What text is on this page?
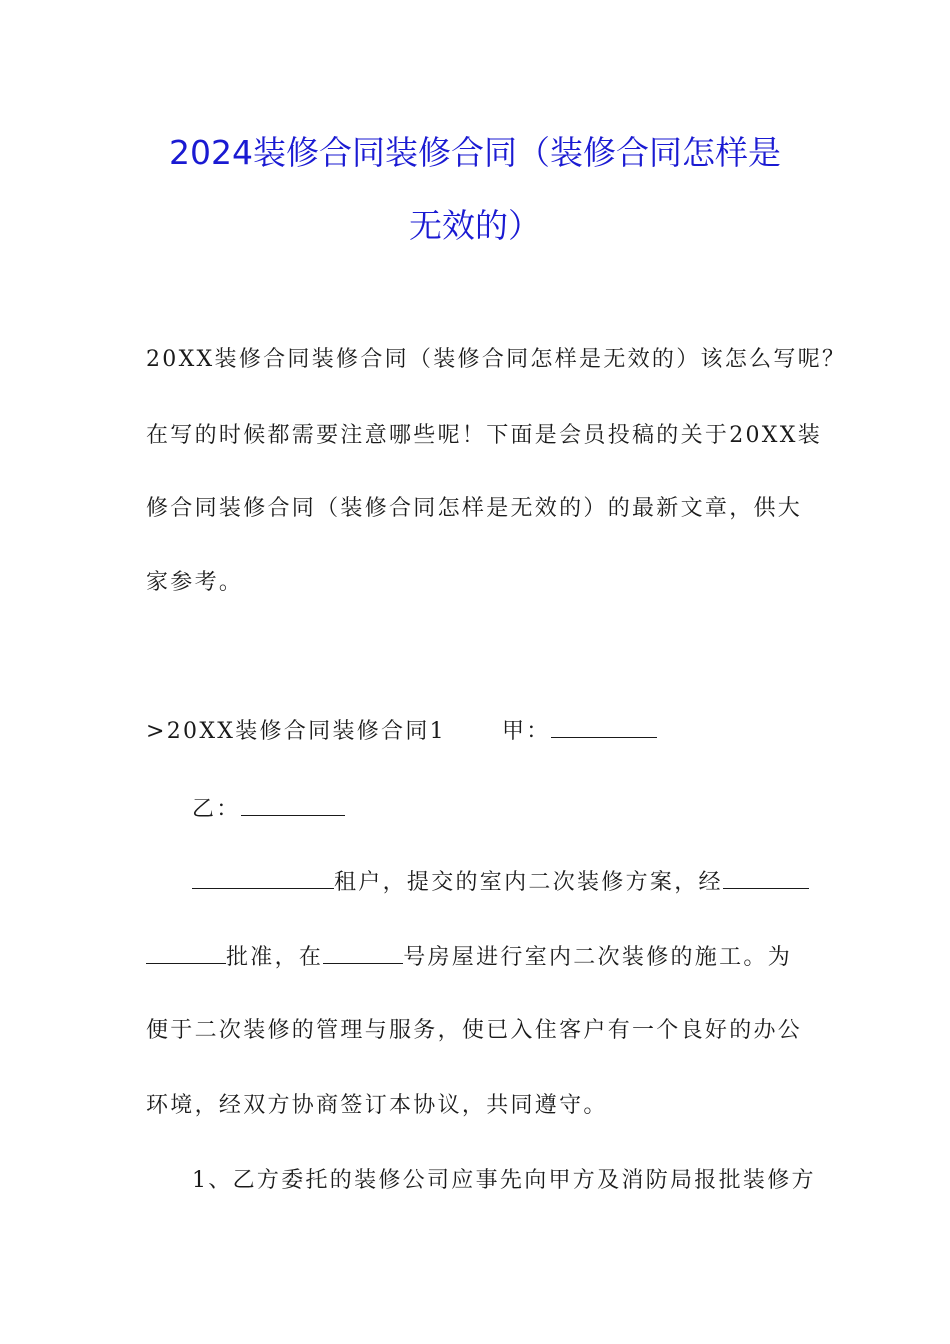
2024装修合同装修合同（装修合同怎样是
无效的）
20XX装修合同装修合同（装修合同怎样是无效的）该怎么写呢？
在写的时候都需要注意哪些呢！下面是会员投稿的关于20XX装
修合同装修合同（装修合同怎样是无效的）的最新文章，供大
家参考。
>20XX装修合同装修合同1	甲：
乙：
租户，提交的室内二次装修方案，经
批准，在	号房屋进行室内二次装修的施工。为
便于二次装修的管理与服务，使已入住客户有一个良好的办公
环境，经双方协商签订本协议，共同遵守。
1、乙方委托的装修公司应事先向甲方及消防局报批装修方
